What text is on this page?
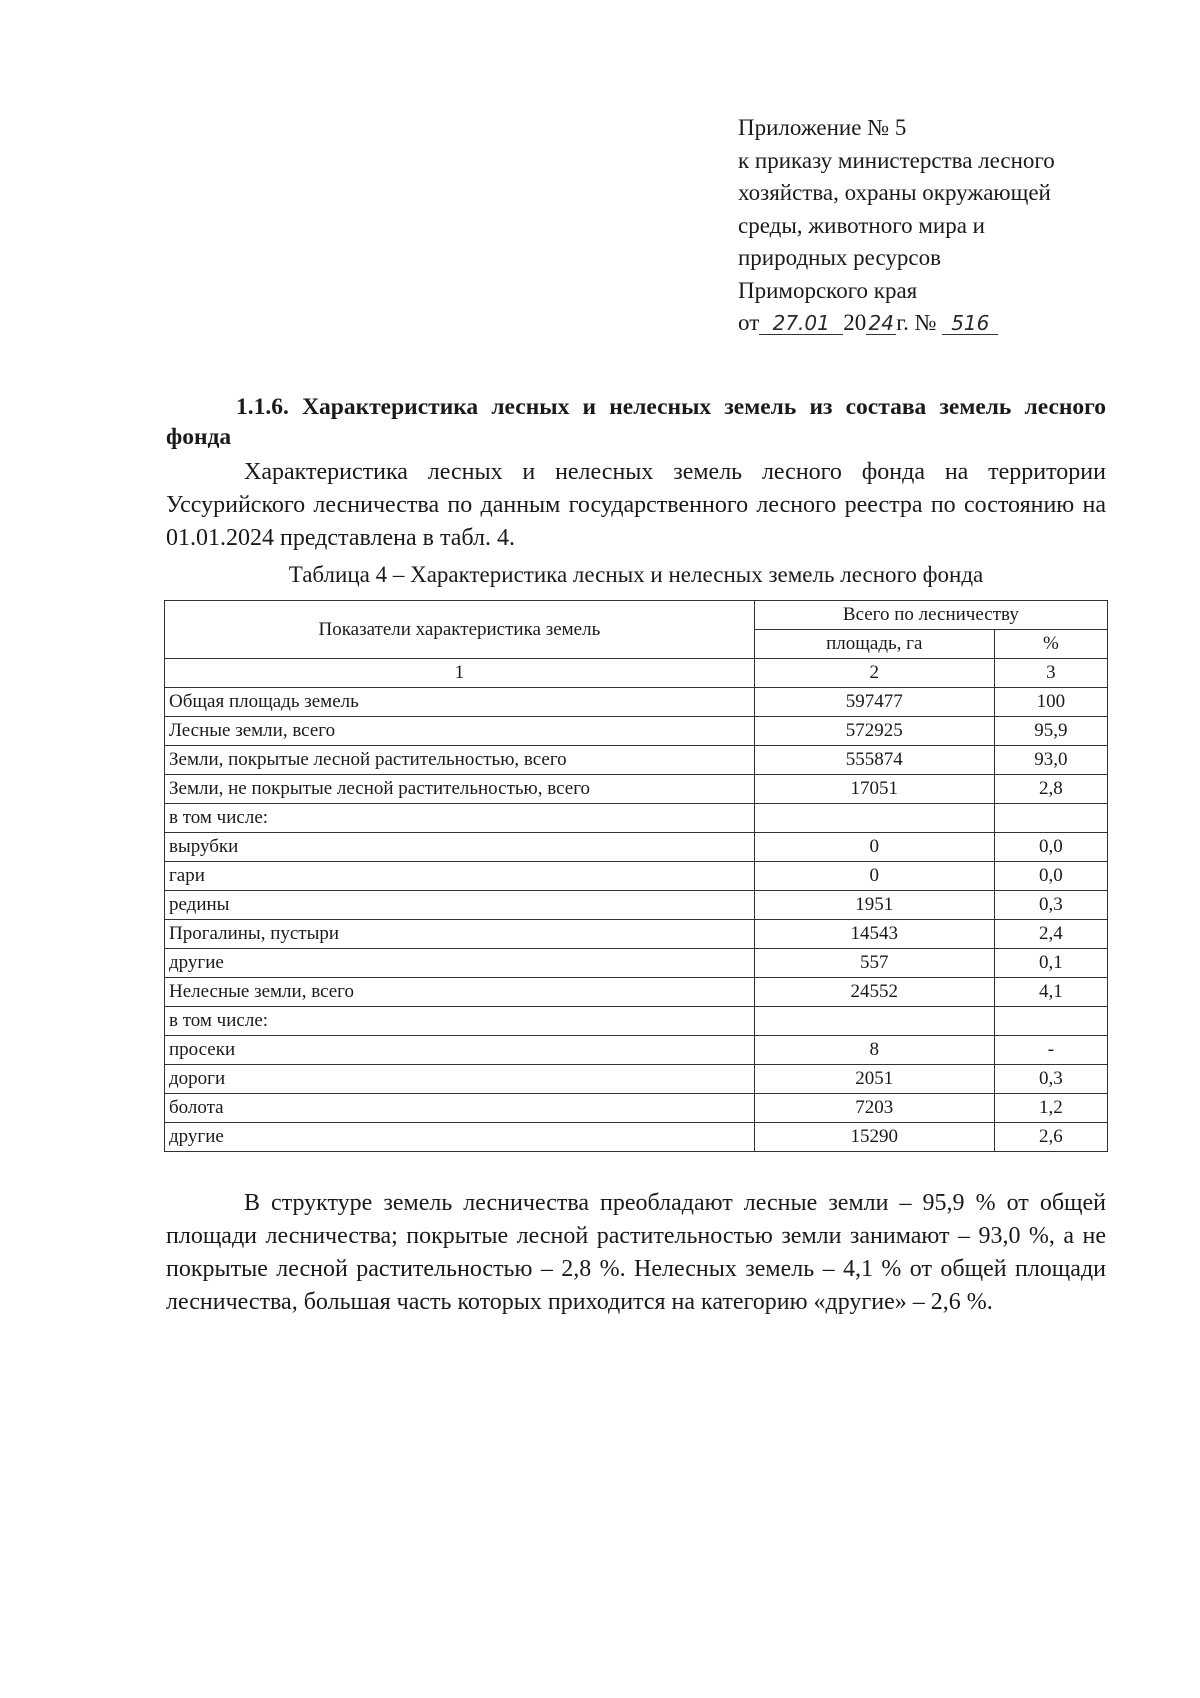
Приложение № 5
к приказу министерства лесного
хозяйства, охраны окружающей
среды, животного мира и
природных ресурсов
Приморского края
от 27.01 20 24г. № 516
1.1.6. Характеристика лесных и нелесных земель из состава земель лесного фонда
Характеристика лесных и нелесных земель лесного фонда на территории Уссурийского лесничества по данным государственного лесного реестра по состоянию на 01.01.2024 представлена в табл. 4.
Таблица 4 – Характеристика лесных и нелесных земель лесного фонда
Показатели характеристика земель	Всего по лесничеству	
	площадь, га	%
1	2	3
Общая площадь земель	597477	100
Лесные земли, всего	572925	95,9
Земли, покрытые лесной растительностью, всего	555874	93,0
Земли, не покрытые лесной растительностью, всего	17051	2,8
в том числе:		
вырубки	0	0,0
гари	0	0,0
редины	1951	0,3
Прогалины, пустыри	14543	2,4
другие	557	0,1
Нелесные земли, всего	24552	4,1
в том числе:		
просеки	8	-
дороги	2051	0,3
болота	7203	1,2
другие	15290	2,6
В структуре земель лесничества преобладают лесные земли – 95,9 % от общей площади лесничества; покрытые лесной растительностью земли занимают – 93,0 %, а не покрытые лесной растительностью – 2,8 %. Нелесных земель – 4,1 % от общей площади лесничества, большая часть которых приходится на категорию «другие» – 2,6 %.
